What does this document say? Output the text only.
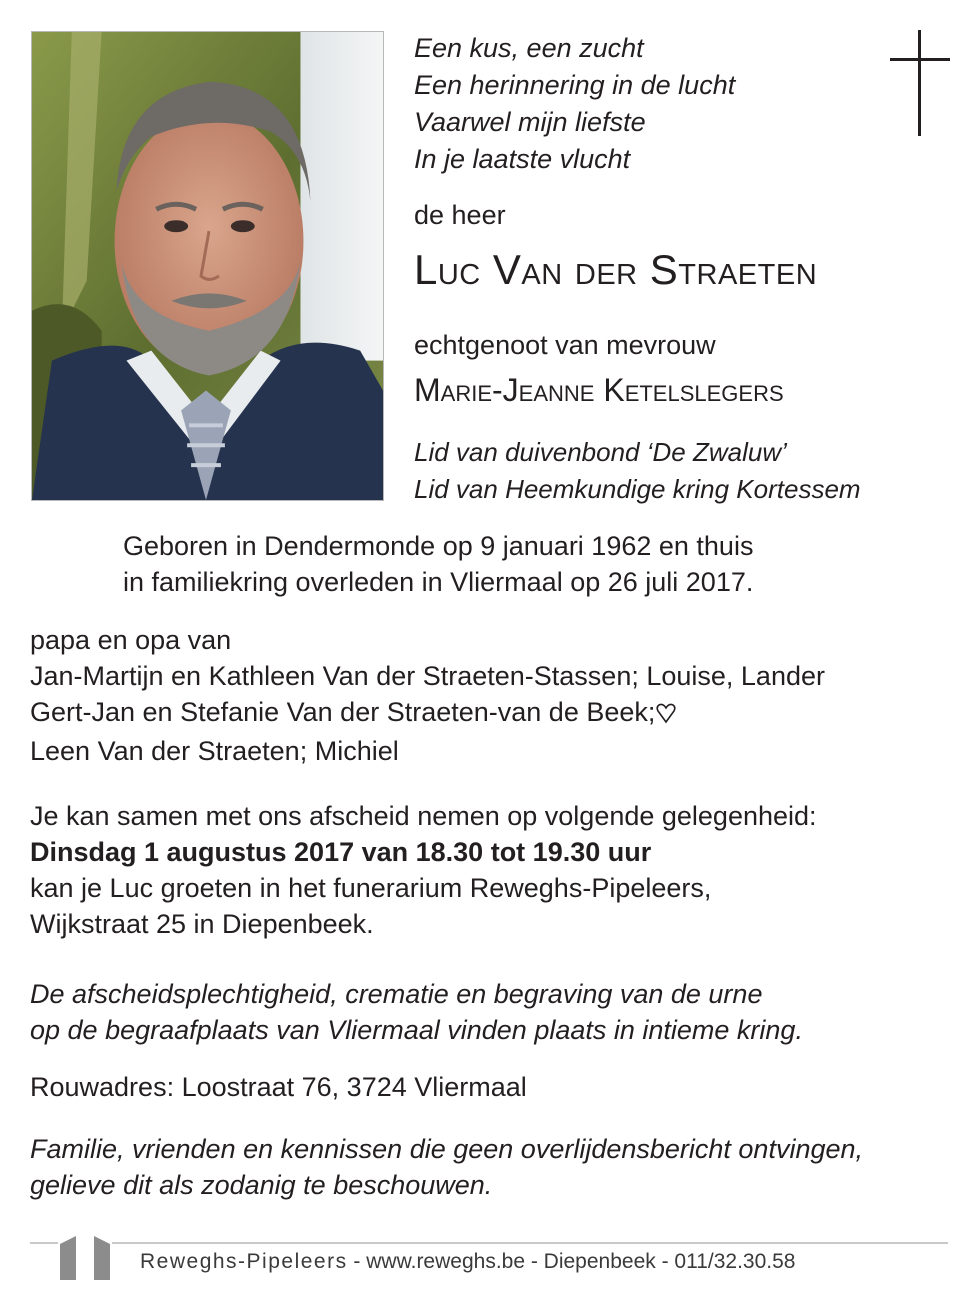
Een kus, een zucht
Een herinnering in de lucht
Vaarwel mijn liefste
In je laatste vlucht
de heer
Luc Van der Straeten
echtgenoot van mevrouw
Marie-Jeanne Ketelslegers
Lid van duivenbond ‘De Zwaluw’
Lid van Heemkundige kring Kortessem
Geboren in Dendermonde op 9 januari 1962 en thuis
in familiekring overleden in Vliermaal op 26 juli 2017.
papa en opa van
Jan-Martijn en Kathleen Van der Straeten-Stassen; Louise, Lander
Gert-Jan en Stefanie Van der Straeten-van de Beek;
Leen Van der Straeten; Michiel
Je kan samen met ons afscheid nemen op volgende gelegenheid:
Dinsdag 1 augustus 2017 van 18.30 tot 19.30 uur
kan je Luc groeten in het funerarium Reweghs-Pipeleers,
Wijkstraat 25 in Diepenbeek.
De afscheidsplechtigheid, crematie en begraving van de urne
op de begraafplaats van Vliermaal vinden plaats in intieme kring.
Rouwadres: Loostraat 76, 3724 Vliermaal
Familie, vrienden en kennissen die geen overlijdensbericht ontvingen,
gelieve dit als zodanig te beschouwen.
Reweghs-Pipeleers - www.reweghs.be - Diepenbeek - 011/32.30.58
